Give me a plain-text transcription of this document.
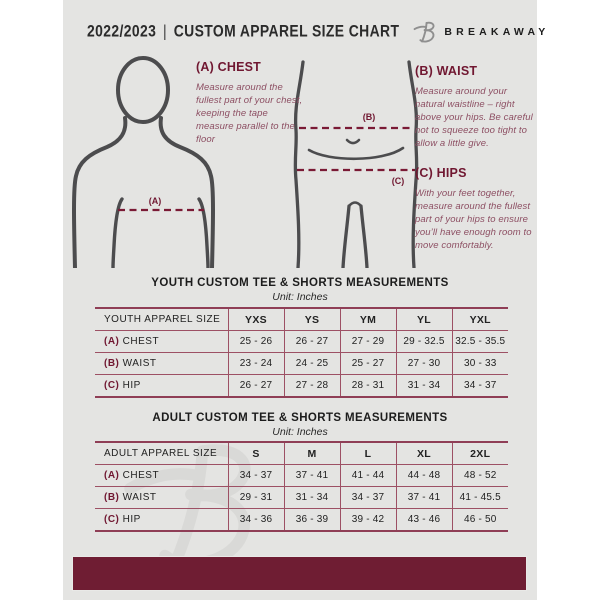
2022/2023 | CUSTOM APPAREL SIZE CHART	BREAKAWAY
(A)
(B)
(C)
(A) CHEST
Measure around the fullest part of your chest, keeping the tape measure parallel to the floor
(B) WAIST
Measure around your natural waistline – right above your hips. Be careful not to squeeze too tight to allow a little give.
(C) HIPS
With your feet together, measure around the fullest part of your hips to ensure you’ll have enough room to move comfortably.
YOUTH CUSTOM TEE & SHORTS MEASUREMENTS
Unit: Inches
YOUTH APPAREL SIZE	YXS	YS	YM	YL	YXL
(A) CHEST	25 - 26	26 - 27	27 - 29	29 - 32.5	32.5 - 35.5
(B) WAIST	23 - 24	24 - 25	25 - 27	27 - 30	30 - 33
(C) HIP	26 - 27	27 - 28	28 - 31	31 - 34	34 - 37
ADULT CUSTOM TEE & SHORTS MEASUREMENTS
Unit: Inches
ADULT APPAREL SIZE	S	M	L	XL	2XL
(A) CHEST	34 - 37	37 - 41	41 - 44	44 - 48	48 - 52
(B) WAIST	29 - 31	31 - 34	34 - 37	37 - 41	41 - 45.5
(C) HIP	34 - 36	36 - 39	39 - 42	43 - 46	46 - 50
